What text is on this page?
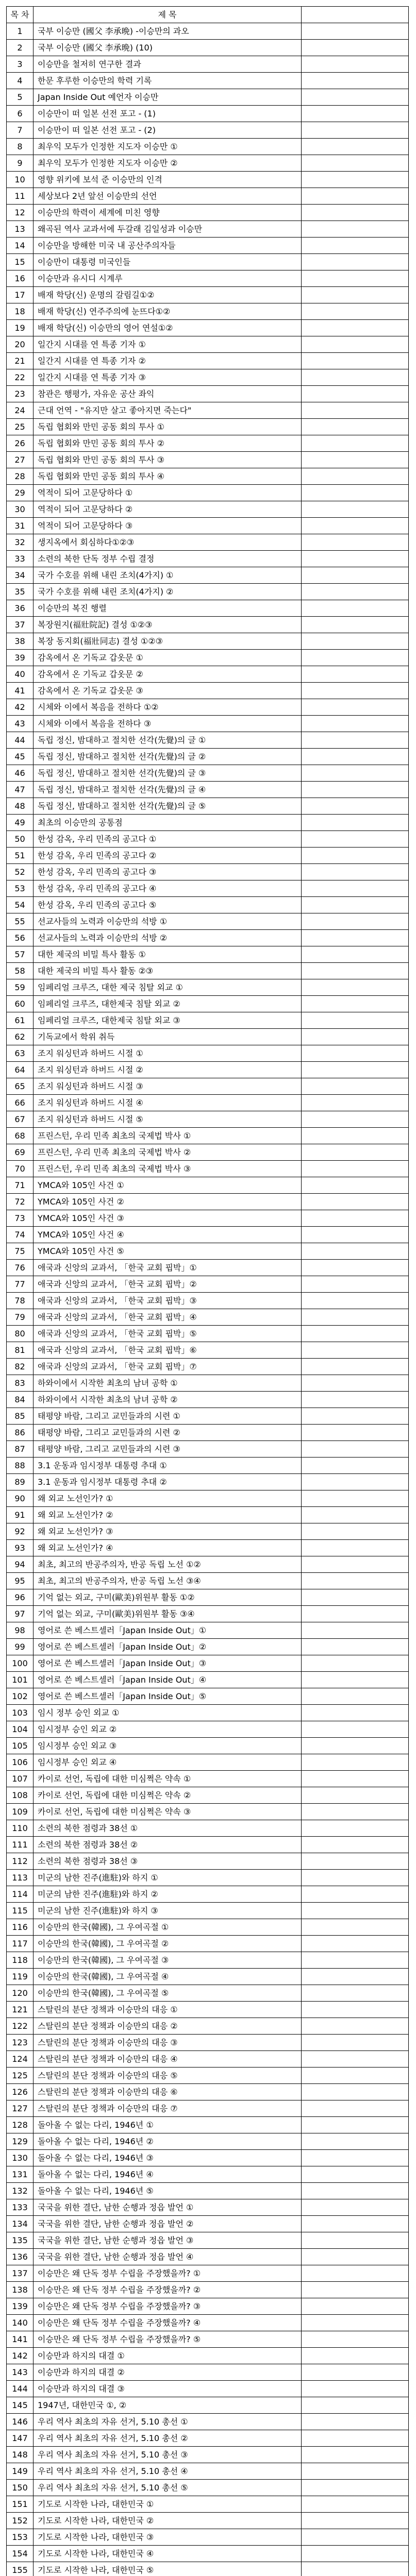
목 차	제 목	
1	국부 이승만 (國父 李承晩) -이승만의 과오	
2	국부 이승만 (國父 李承晩) (10)	
3	이승만을 철저히 연구한 결과	
4	한문 후루한 이승만의 학력 기록	
5	Japan Inside Out 예언자 이승만	
6	이승만이 떠 일본 선전 포고 - (1)	
7	이승만이 떠 일본 선전 포고 - (2)	
8	최우익 모두가 인정한 지도자 이승만 ①	
9	최우익 모두가 인정한 지도자 이승만 ②	
10	영향 위키에 보석 준 이승만의 인격	
11	세상보다 2년 앞선 이승만의 선언	
12	이승만의 학력이 세계에 미친 영향	
13	왜곡된 역사 교과서에 두갈래 김일성과 이승만	
14	이승만을 방해한 미국 내 공산주의자들	
15	이승만이 대통령 미국인들	
16	이승만과 유시디 시계루	
17	배재 학당(신) 운명의 갈림길①②	
18	배재 학당(신) 연주주의에 눈뜨다①②	
19	배재 학당(신) 이승만의 영어 연설①②	
20	일간지 시대를 연 특종 기자 ①	
21	일간지 시대를 연 특종 기자 ②	
22	일간지 시대를 연 특종 기자 ③	
23	참관은 행평가, 자유운 공산 좌익	
24	근대 언역 - "유지만 살고 좋아지면 죽는다"	
25	독립 협회와 만민 공동 회의 투사 ①	
26	독립 협회와 만민 공동 회의 투사 ②	
27	독립 협회와 만민 공동 회의 투사 ③	
28	독립 협회와 만민 공동 회의 투사 ④	
29	역적이 되어 고문당하다 ①	
30	역적이 되어 고문당하다 ②	
31	역적이 되어 고문당하다 ③	
32	생지옥에서 회심하다①②③	
33	소련의 북한 단독 정부 수립 결정	
34	국가 수호를 위해 내린 조치(4가지) ①	
35	국가 수호를 위해 내린 조치(4가지) ②	
36	이승만의 복진 행렬	
37	복장원지(福壯院記) 결성 ①②③	
38	복장 동지회(福壯同志) 결성 ①②③	
39	감옥에서 온 기독교 갑옷문 ①	
40	감옥에서 온 기독교 갑옷문 ②	
41	감옥에서 온 기독교 갑옷문 ③	
42	시체와 이에서 복음을 전하다 ①②	
43	시체와 이에서 복음을 전하다 ③	
44	독립 정신, 밤대하고 절치한 선각(先覺)의 글 ①	
45	독립 정신, 밤대하고 절치한 선각(先覺)의 글 ②	
46	독립 정신, 밤대하고 절치한 선각(先覺)의 글 ③	
47	독립 정신, 밤대하고 절치한 선각(先覺)의 글 ④	
48	독립 정신, 밤대하고 절치한 선각(先覺)의 글 ⑤	
49	최초의 이승만의 공통점	
50	한성 감옥, 우리 민족의 공고다 ①	
51	한성 감옥, 우리 민족의 공고다 ②	
52	한성 감옥, 우리 민족의 공고다 ③	
53	한성 감옥, 우리 민족의 공고다 ④	
54	한성 감옥, 우리 민족의 공고다 ⑤	
55	선교사들의 노력과 이승만의 석방 ①	
56	선교사들의 노력과 이승만의 석방 ②	
57	대한 제국의 비밀 특사 활동 ①	
58	대한 제국의 비밀 특사 활동 ②③	
59	임페리얼 크루즈, 대한 제국 침탈 외교 ①	
60	임페리얼 크루즈, 대한제국 침탈 외교 ②	
61	임페리얼 크루즈, 대한제국 침탈 외교 ③	
62	기독교에서 학위 취득	
63	조지 워싱턴과 하버드 시절 ①	
64	조지 워싱턴과 하버드 시절 ②	
65	조지 워싱턴과 하버드 시절 ③	
66	조지 워싱턴과 하버드 시절 ④	
67	조지 워싱턴과 하버드 시절 ⑤	
68	프린스턴, 우리 민족 최초의 국제법 박사 ①	
69	프린스턴, 우리 민족 최초의 국제법 박사 ②	
70	프린스턴, 우리 민족 최초의 국제법 박사 ③	
71	YMCA와 105인 사건 ①	
72	YMCA와 105인 사건 ②	
73	YMCA와 105인 사건 ③	
74	YMCA와 105인 사건 ④	
75	YMCA와 105인 사건 ⑤	
76	애국과 신앙의 교과서, 「한국 교회 핍박」①	
77	애국과 신앙의 교과서, 「한국 교회 핍박」②	
78	애국과 신앙의 교과서, 「한국 교회 핍박」③	
79	애국과 신앙의 교과서, 「한국 교회 핍박」④	
80	애국과 신앙의 교과서, 「한국 교회 핍박」⑤	
81	애국과 신앙의 교과서, 「한국 교회 핍박」⑥	
82	애국과 신앙의 교과서, 「한국 교회 핍박」⑦	
83	하와이에서 시작한 최초의 남녀 공학 ①	
84	하와이에서 시작한 최초의 남녀 공학 ②	
85	태평양 바람, 그리고 교민들과의 시련 ①	
86	태평양 바람, 그리고 교민들과의 시련 ②	
87	태평양 바람, 그리고 교민들과의 시련 ③	
88	3.1 운동과 임시정부 대통령 추대 ①	
89	3.1 운동과 임시정부 대통령 추대 ②	
90	왜 외교 노선인가? ①	
91	왜 외교 노선인가? ②	
92	왜 외교 노선인가? ③	
93	왜 외교 노선인가? ④	
94	최초, 최고의 반공주의자, 반공 독립 노선 ①②	
95	최초, 최고의 반공주의자, 반공 독립 노선 ③④	
96	기억 없는 외교, 구미(歐美)위원부 활동 ①②	
97	기억 없는 외교, 구미(歐美)위원부 활동 ③④	
98	영어로 쓴 베스트셀러「Japan Inside Out」①	
99	영어로 쓴 베스트셀러「Japan Inside Out」②	
100	영어로 쓴 베스트셀러「Japan Inside Out」③	
101	영어로 쓴 베스트셀러「Japan Inside Out」④	
102	영어로 쓴 베스트셀러「Japan Inside Out」⑤	
103	임시 정부 승인 외교 ①	
104	임시정부 승인 외교 ②	
105	임시정부 승인 외교 ③	
106	임시정부 승인 외교 ④	
107	카이로 선언, 독립에 대한 미심쩍은 약속 ①	
108	카이로 선언, 독립에 대한 미심쩍은 약속 ②	
109	카이로 선언, 독립에 대한 미심쩍은 약속 ③	
110	소련의 북한 점령과 38선 ①	
111	소련의 북한 점령과 38선 ②	
112	소련의 북한 점령과 38선 ③	
113	미군의 남한 진주(進駐)와 하지 ①	
114	미군의 남한 진주(進駐)와 하지 ②	
115	미군의 남한 진주(進駐)와 하지 ③	
116	이승만의 한국(韓國), 그 우여곡절 ①	
117	이승만의 한국(韓國), 그 우여곡절 ②	
118	이승만의 한국(韓國), 그 우여곡절 ③	
119	이승만의 한국(韓國), 그 우여곡절 ④	
120	이승만의 한국(韓國), 그 우여곡절 ⑤	
121	스탈린의 분단 정책과 이승만의 대응 ①	
122	스탈린의 분단 정책과 이승만의 대응 ②	
123	스탈린의 분단 정책과 이승만의 대응 ③	
124	스탈린의 분단 정책과 이승만의 대응 ④	
125	스탈린의 분단 정책과 이승만의 대응 ⑤	
126	스탈린의 분단 정책과 이승만의 대응 ⑥	
127	스탈린의 분단 정책과 이승만의 대응 ⑦	
128	돌아올 수 없는 다리, 1946년 ①	
129	돌아올 수 없는 다리, 1946년 ②	
130	돌아올 수 없는 다리, 1946년 ③	
131	돌아올 수 없는 다리, 1946년 ④	
132	돌아올 수 없는 다리, 1946년 ⑤	
133	국국을 위한 결단, 남한 순행과 정읍 발언 ①	
134	국국을 위한 결단, 남한 순행과 정읍 발언 ②	
135	국국을 위한 결단, 남한 순행과 정읍 발언 ③	
136	국국을 위한 결단, 남한 순행과 정읍 발언 ④	
137	이승만은 왜 단독 정부 수립을 주장했을까? ①	
138	이승만은 왜 단독 정부 수립을 주장했을까? ②	
139	이승만은 왜 단독 정부 수립을 주장했을까? ③	
140	이승만은 왜 단독 정부 수립을 주장했을까? ④	
141	이승만은 왜 단독 정부 수립을 주장했을까? ⑤	
142	이승만과 하지의 대결 ①	
143	이승만과 하지의 대결 ②	
144	이승만과 하지의 대결 ③	
145	1947년, 대한민국 ①, ②	
146	우리 역사 최초의 자유 선거, 5.10 총선 ①	
147	우리 역사 최초의 자유 선거, 5.10 총선 ②	
148	우리 역사 최초의 자유 선거, 5.10 총선 ③	
149	우리 역사 최초의 자유 선거, 5.10 총선 ④	
150	우리 역사 최초의 자유 선거, 5.10 총선 ⑤	
151	기도로 시작한 나라, 대한민국 ①	
152	기도로 시작한 나라, 대한민국 ②	
153	기도로 시작한 나라, 대한민국 ③	
154	기도로 시작한 나라, 대한민국 ④	
155	기도로 시작한 나라, 대한민국 ⑤	
